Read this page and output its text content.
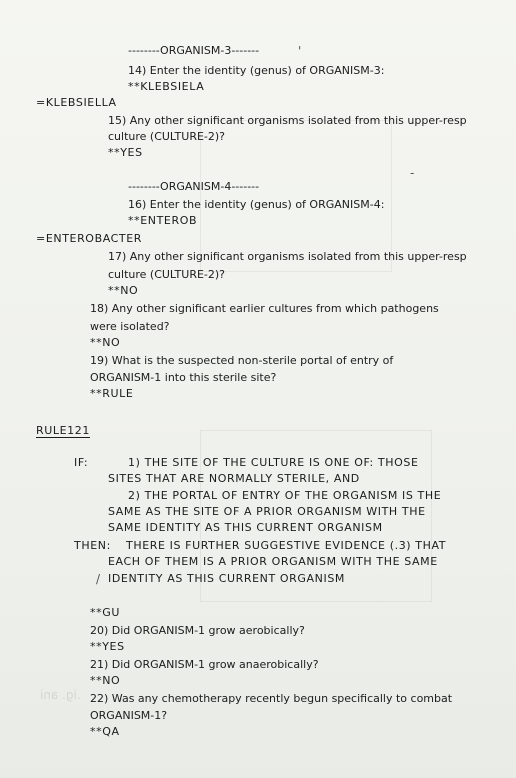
.ig. ani
'
-
/
--------ORGANISM-3-------
14) Enter the identity (genus) of ORGANISM-3:
**KLEBSIELA
=KLEBSIELLA
15) Any other significant organisms isolated from this upper-resp
culture (CULTURE-2)?
**YES
--------ORGANISM-4-------
16) Enter the identity (genus) of ORGANISM-4:
**ENTEROB
=ENTEROBACTER
17) Any other significant organisms isolated from this upper-resp
culture (CULTURE-2)?
**NO
18) Any other significant earlier cultures from which pathogens
were isolated?
**NO
19) What is the suspected non-sterile portal of entry of
ORGANISM-1 into this sterile site?
**RULE
RULE121
IF:	1) THE SITE OF THE CULTURE IS ONE OF: THOSE
SITES THAT ARE NORMALLY STERILE, AND
2) THE PORTAL OF ENTRY OF THE ORGANISM IS THE
SAME AS THE SITE OF A PRIOR ORGANISM WITH THE
SAME IDENTITY AS THIS CURRENT ORGANISM
THEN: THERE IS FURTHER SUGGESTIVE EVIDENCE (.3) THAT
EACH OF THEM IS A PRIOR ORGANISM WITH THE SAME
IDENTITY AS THIS CURRENT ORGANISM
**GU
20) Did ORGANISM-1 grow aerobically?
**YES
21) Did ORGANISM-1 grow anaerobically?
**NO
22) Was any chemotherapy recently begun specifically to combat
ORGANISM-1?
**QA
